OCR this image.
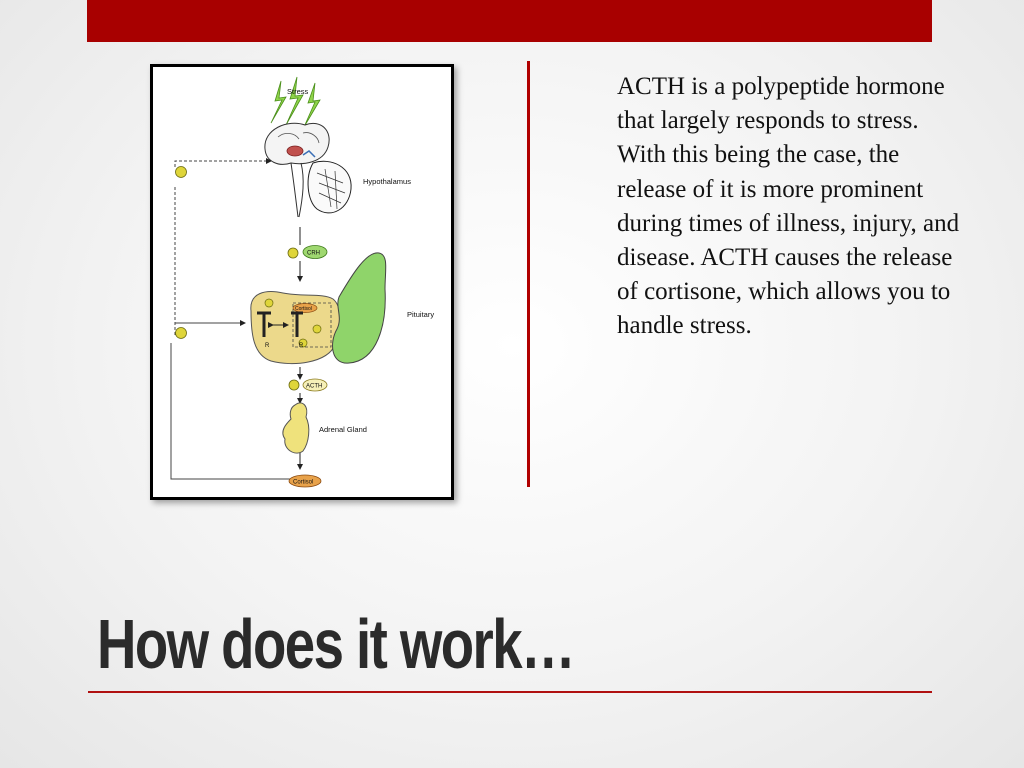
Stress
Hypothalamus
CRH
Pituitary
Cortisol
R	R
ACTH
Adrenal Gland
Cortisol

ACTH is a polypeptide hormone that largely responds to stress. With this being the case, the release of it is more prominent during times of illness, injury, and disease. ACTH causes the release of cortisone, which allows you to handle stress.

How does it work…
